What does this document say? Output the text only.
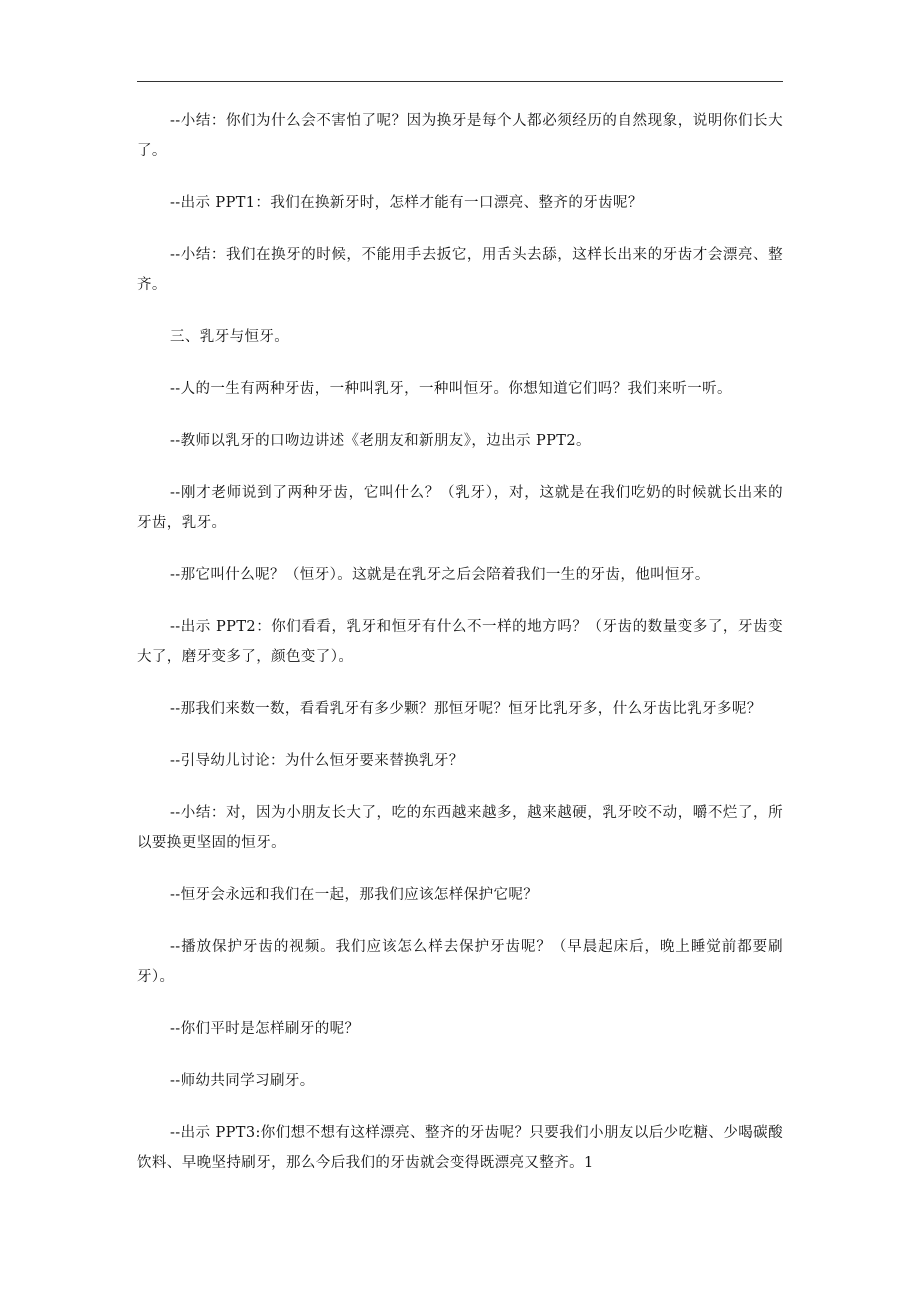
--小结：你们为什么会不害怕了呢？因为换牙是每个人都必须经历的自然现象，说明你们长大了。

--出示 PPT1：我们在换新牙时，怎样才能有一口漂亮、整齐的牙齿呢？

--小结：我们在换牙的时候，不能用手去扳它，用舌头去舔，这样长出来的牙齿才会漂亮、整齐。

三、乳牙与恒牙。

--人的一生有两种牙齿，一种叫乳牙，一种叫恒牙。你想知道它们吗？我们来听一听。

--教师以乳牙的口吻边讲述《老朋友和新朋友》，边出示 PPT2。

--刚才老师说到了两种牙齿，它叫什么？（乳牙），对，这就是在我们吃奶的时候就长出来的牙齿，乳牙。

--那它叫什么呢？（恒牙）。这就是在乳牙之后会陪着我们一生的牙齿，他叫恒牙。

--出示 PPT2：你们看看，乳牙和恒牙有什么不一样的地方吗？（牙齿的数量变多了，牙齿变大了，磨牙变多了，颜色变了）。

--那我们来数一数，看看乳牙有多少颗？那恒牙呢？恒牙比乳牙多，什么牙齿比乳牙多呢？

--引导幼儿讨论：为什么恒牙要来替换乳牙？

--小结：对，因为小朋友长大了，吃的东西越来越多，越来越硬，乳牙咬不动，嚼不烂了，所以要换更坚固的恒牙。

--恒牙会永远和我们在一起，那我们应该怎样保护它呢？

--播放保护牙齿的视频。我们应该怎么样去保护牙齿呢？（早晨起床后，晚上睡觉前都要刷牙）。

--你们平时是怎样刷牙的呢？

--师幼共同学习刷牙。

--出示 PPT3:你们想不想有这样漂亮、整齐的牙齿呢？只要我们小朋友以后少吃糖、少喝碳酸饮料、早晚坚持刷牙，那么今后我们的牙齿就会变得既漂亮又整齐。1
